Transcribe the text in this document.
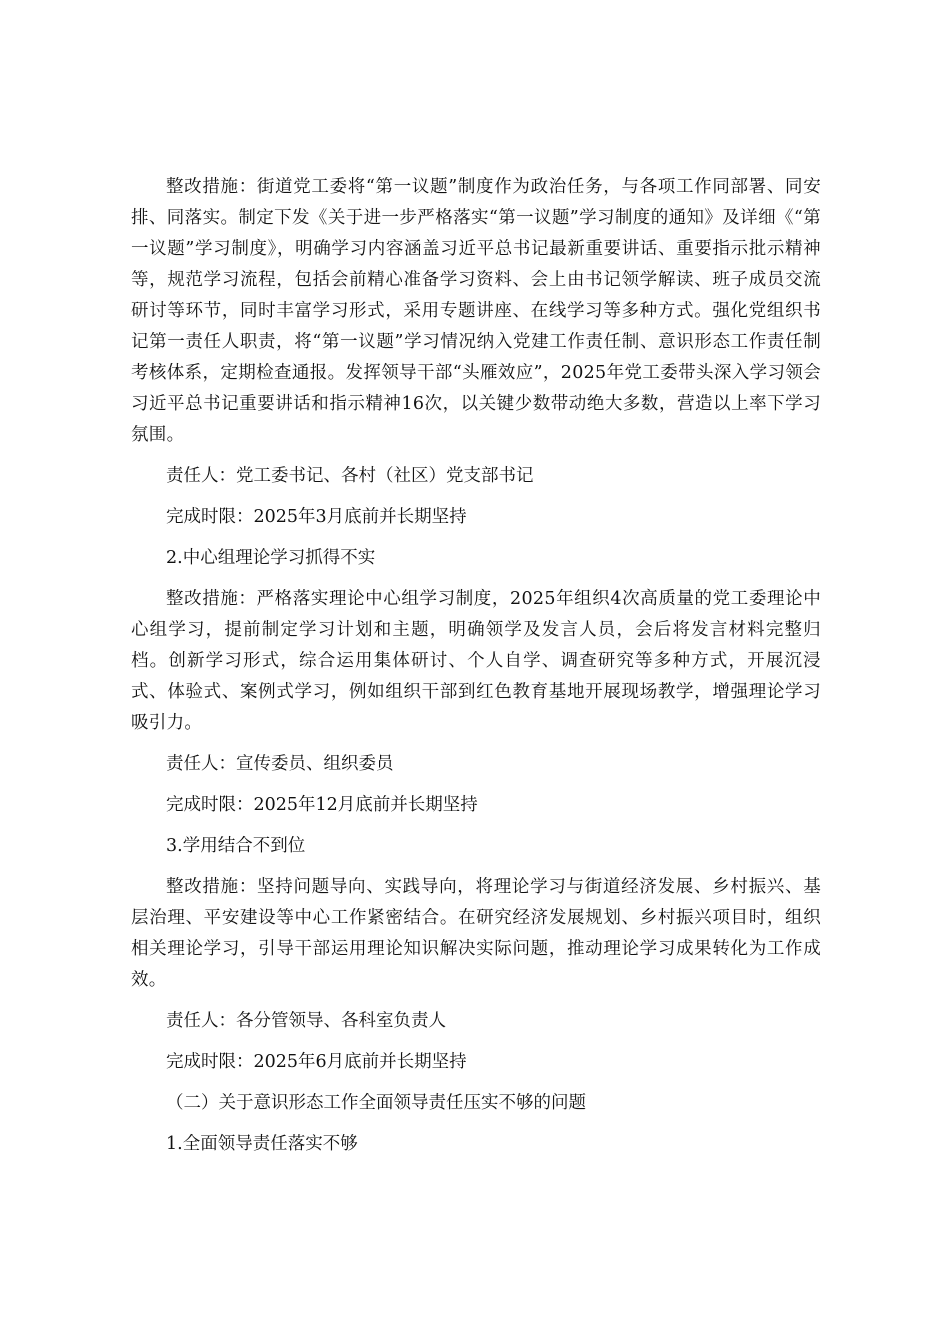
整改措施：街道党工委将“第一议题”制度作为政治任务，与各项工作同部署、同安排、同落实。制定下发《关于进一步严格落实“第一议题”学习制度的通知》及详细《“第一议题”学习制度》，明确学习内容涵盖习近平总书记最新重要讲话、重要指示批示精神等，规范学习流程，包括会前精心准备学习资料、会上由书记领学解读、班子成员交流研讨等环节，同时丰富学习形式，采用专题讲座、在线学习等多种方式。强化党组织书记第一责任人职责，将“第一议题”学习情况纳入党建工作责任制、意识形态工作责任制考核体系，定期检查通报。发挥领导干部“头雁效应”，2025年党工委带头深入学习领会习近平总书记重要讲话和指示精神16次，以关键少数带动绝大多数，营造以上率下学习氛围。

责任人：党工委书记、各村（社区）党支部书记

完成时限：2025年3月底前并长期坚持

2.中心组理论学习抓得不实

整改措施：严格落实理论中心组学习制度，2025年组织4次高质量的党工委理论中心组学习，提前制定学习计划和主题，明确领学及发言人员，会后将发言材料完整归档。创新学习形式，综合运用集体研讨、个人自学、调查研究等多种方式，开展沉浸式、体验式、案例式学习，例如组织干部到红色教育基地开展现场教学，增强理论学习吸引力。

责任人：宣传委员、组织委员

完成时限：2025年12月底前并长期坚持

3.学用结合不到位

整改措施：坚持问题导向、实践导向，将理论学习与街道经济发展、乡村振兴、基层治理、平安建设等中心工作紧密结合。在研究经济发展规划、乡村振兴项目时，组织相关理论学习，引导干部运用理论知识解决实际问题，推动理论学习成果转化为工作成效。

责任人：各分管领导、各科室负责人

完成时限：2025年6月底前并长期坚持

（二）关于意识形态工作全面领导责任压实不够的问题

1.全面领导责任落实不够
